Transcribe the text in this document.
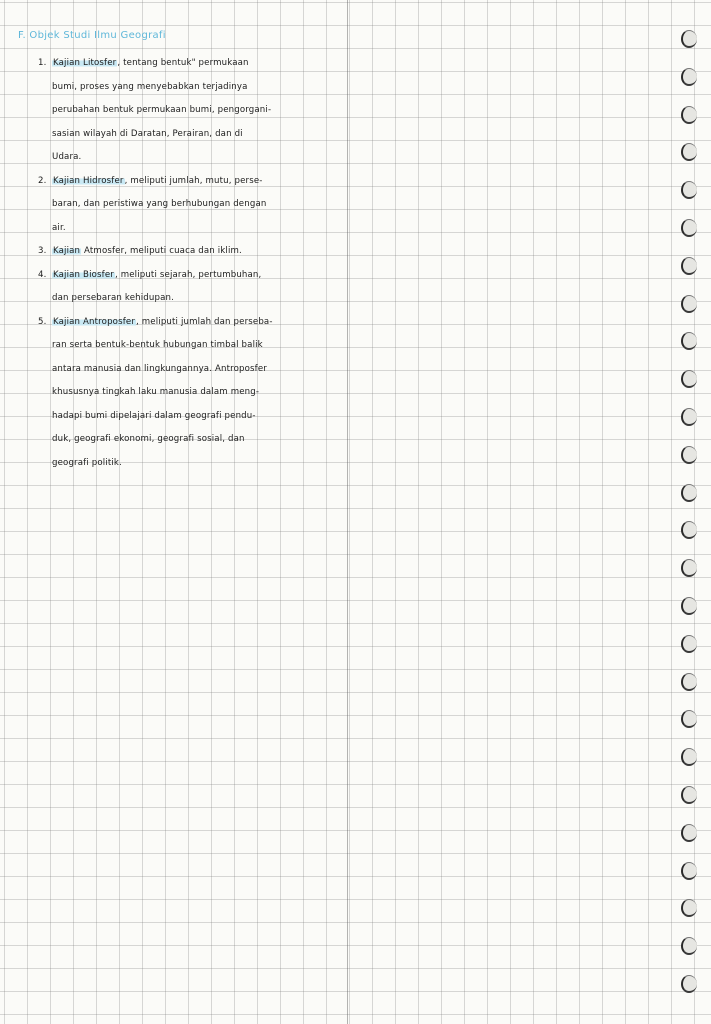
F. Objek Studi Ilmu Geografi
1. Kajian Litosfer, tentang bentuk" permukaan
bumi, proses yang menyebabkan terjadinya
perubahan bentuk permukaan bumi, pengorgani-
sasian wilayah di Daratan, Perairan, dan di
Udara.
2. Kajian Hidrosfer, meliputi jumlah, mutu, perse-
baran, dan peristiwa yang berhubungan dengan
air.
3. Kajian Atmosfer, meliputi cuaca dan iklim.
4. Kajian Biosfer, meliputi sejarah, pertumbuhan,
dan persebaran kehidupan.
5. Kajian Antroposfer, meliputi jumlah dan perseba-
ran serta bentuk-bentuk hubungan timbal balik
antara manusia dan lingkungannya. Antroposfer
khususnya tingkah laku manusia dalam meng-
hadapi bumi dipelajari dalam geografi pendu-
duk, geografi ekonomi, geografi sosial, dan
geografi politik.
